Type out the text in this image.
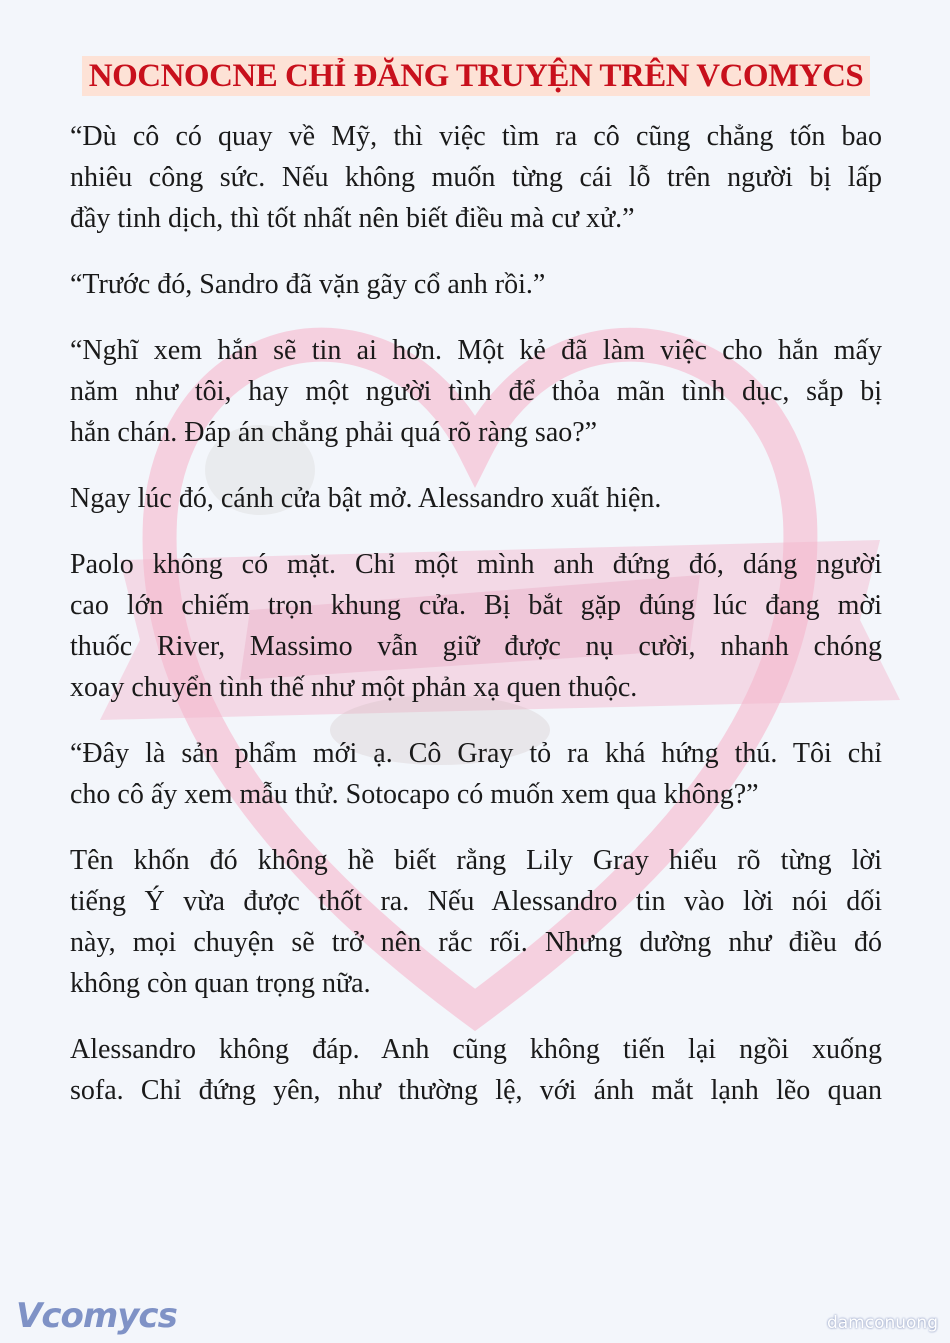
NOCNOCNE CHỈ ĐĂNG TRUYỆN TRÊN VCOMYCS
“Dù cô có quay về Mỹ, thì việc tìm ra cô cũng chẳng tốn bao
nhiêu công sức. Nếu không muốn từng cái lỗ trên người bị lấp
đầy tinh dịch, thì tốt nhất nên biết điều mà cư xử.”
“Trước đó, Sandro đã vặn gãy cổ anh rồi.”
“Nghĩ xem hắn sẽ tin ai hơn. Một kẻ đã làm việc cho hắn mấy
năm như tôi, hay một người tình để thỏa mãn tình dục, sắp bị
hắn chán. Đáp án chẳng phải quá rõ ràng sao?”
Ngay lúc đó, cánh cửa bật mở. Alessandro xuất hiện.
Paolo không có mặt. Chỉ một mình anh đứng đó, dáng người
cao lớn chiếm trọn khung cửa. Bị bắt gặp đúng lúc đang mời
thuốc River, Massimo vẫn giữ được nụ cười, nhanh chóng
xoay chuyển tình thế như một phản xạ quen thuộc.
“Đây là sản phẩm mới ạ. Cô Gray tỏ ra khá hứng thú. Tôi chỉ
cho cô ấy xem mẫu thử. Sotocapo có muốn xem qua không?”
Tên khốn đó không hề biết rằng Lily Gray hiểu rõ từng lời
tiếng Ý vừa được thốt ra. Nếu Alessandro tin vào lời nói dối
này, mọi chuyện sẽ trở nên rắc rối. Nhưng dường như điều đó
không còn quan trọng nữa.
Alessandro không đáp. Anh cũng không tiến lại ngồi xuống
sofa. Chỉ đứng yên, như thường lệ, với ánh mắt lạnh lẽo quan
Vcomycs	damconuong
